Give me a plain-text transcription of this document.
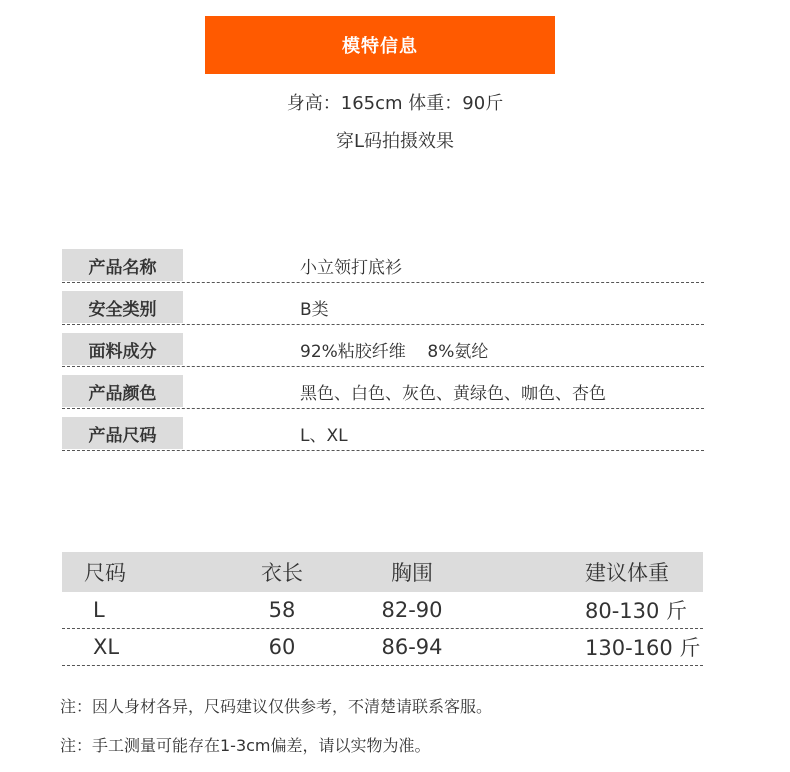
模特信息
身高：165cm 体重：90斤
穿L码拍摄效果
产品名称	小立领打底衫
安全类别	B类
面料成分	92%粘胶纤维    8%氨纶
产品颜色	黑色、白色、灰色、黄绿色、咖色、杏色
产品尺码	L、XL
尺码	衣长	胸围	建议体重
L	58	82-90	80-130 斤
XL	60	86-94	130-160 斤
注：因人身材各异，尺码建议仅供参考，不清楚请联系客服。
注：手工测量可能存在1-3cm偏差，请以实物为准。
